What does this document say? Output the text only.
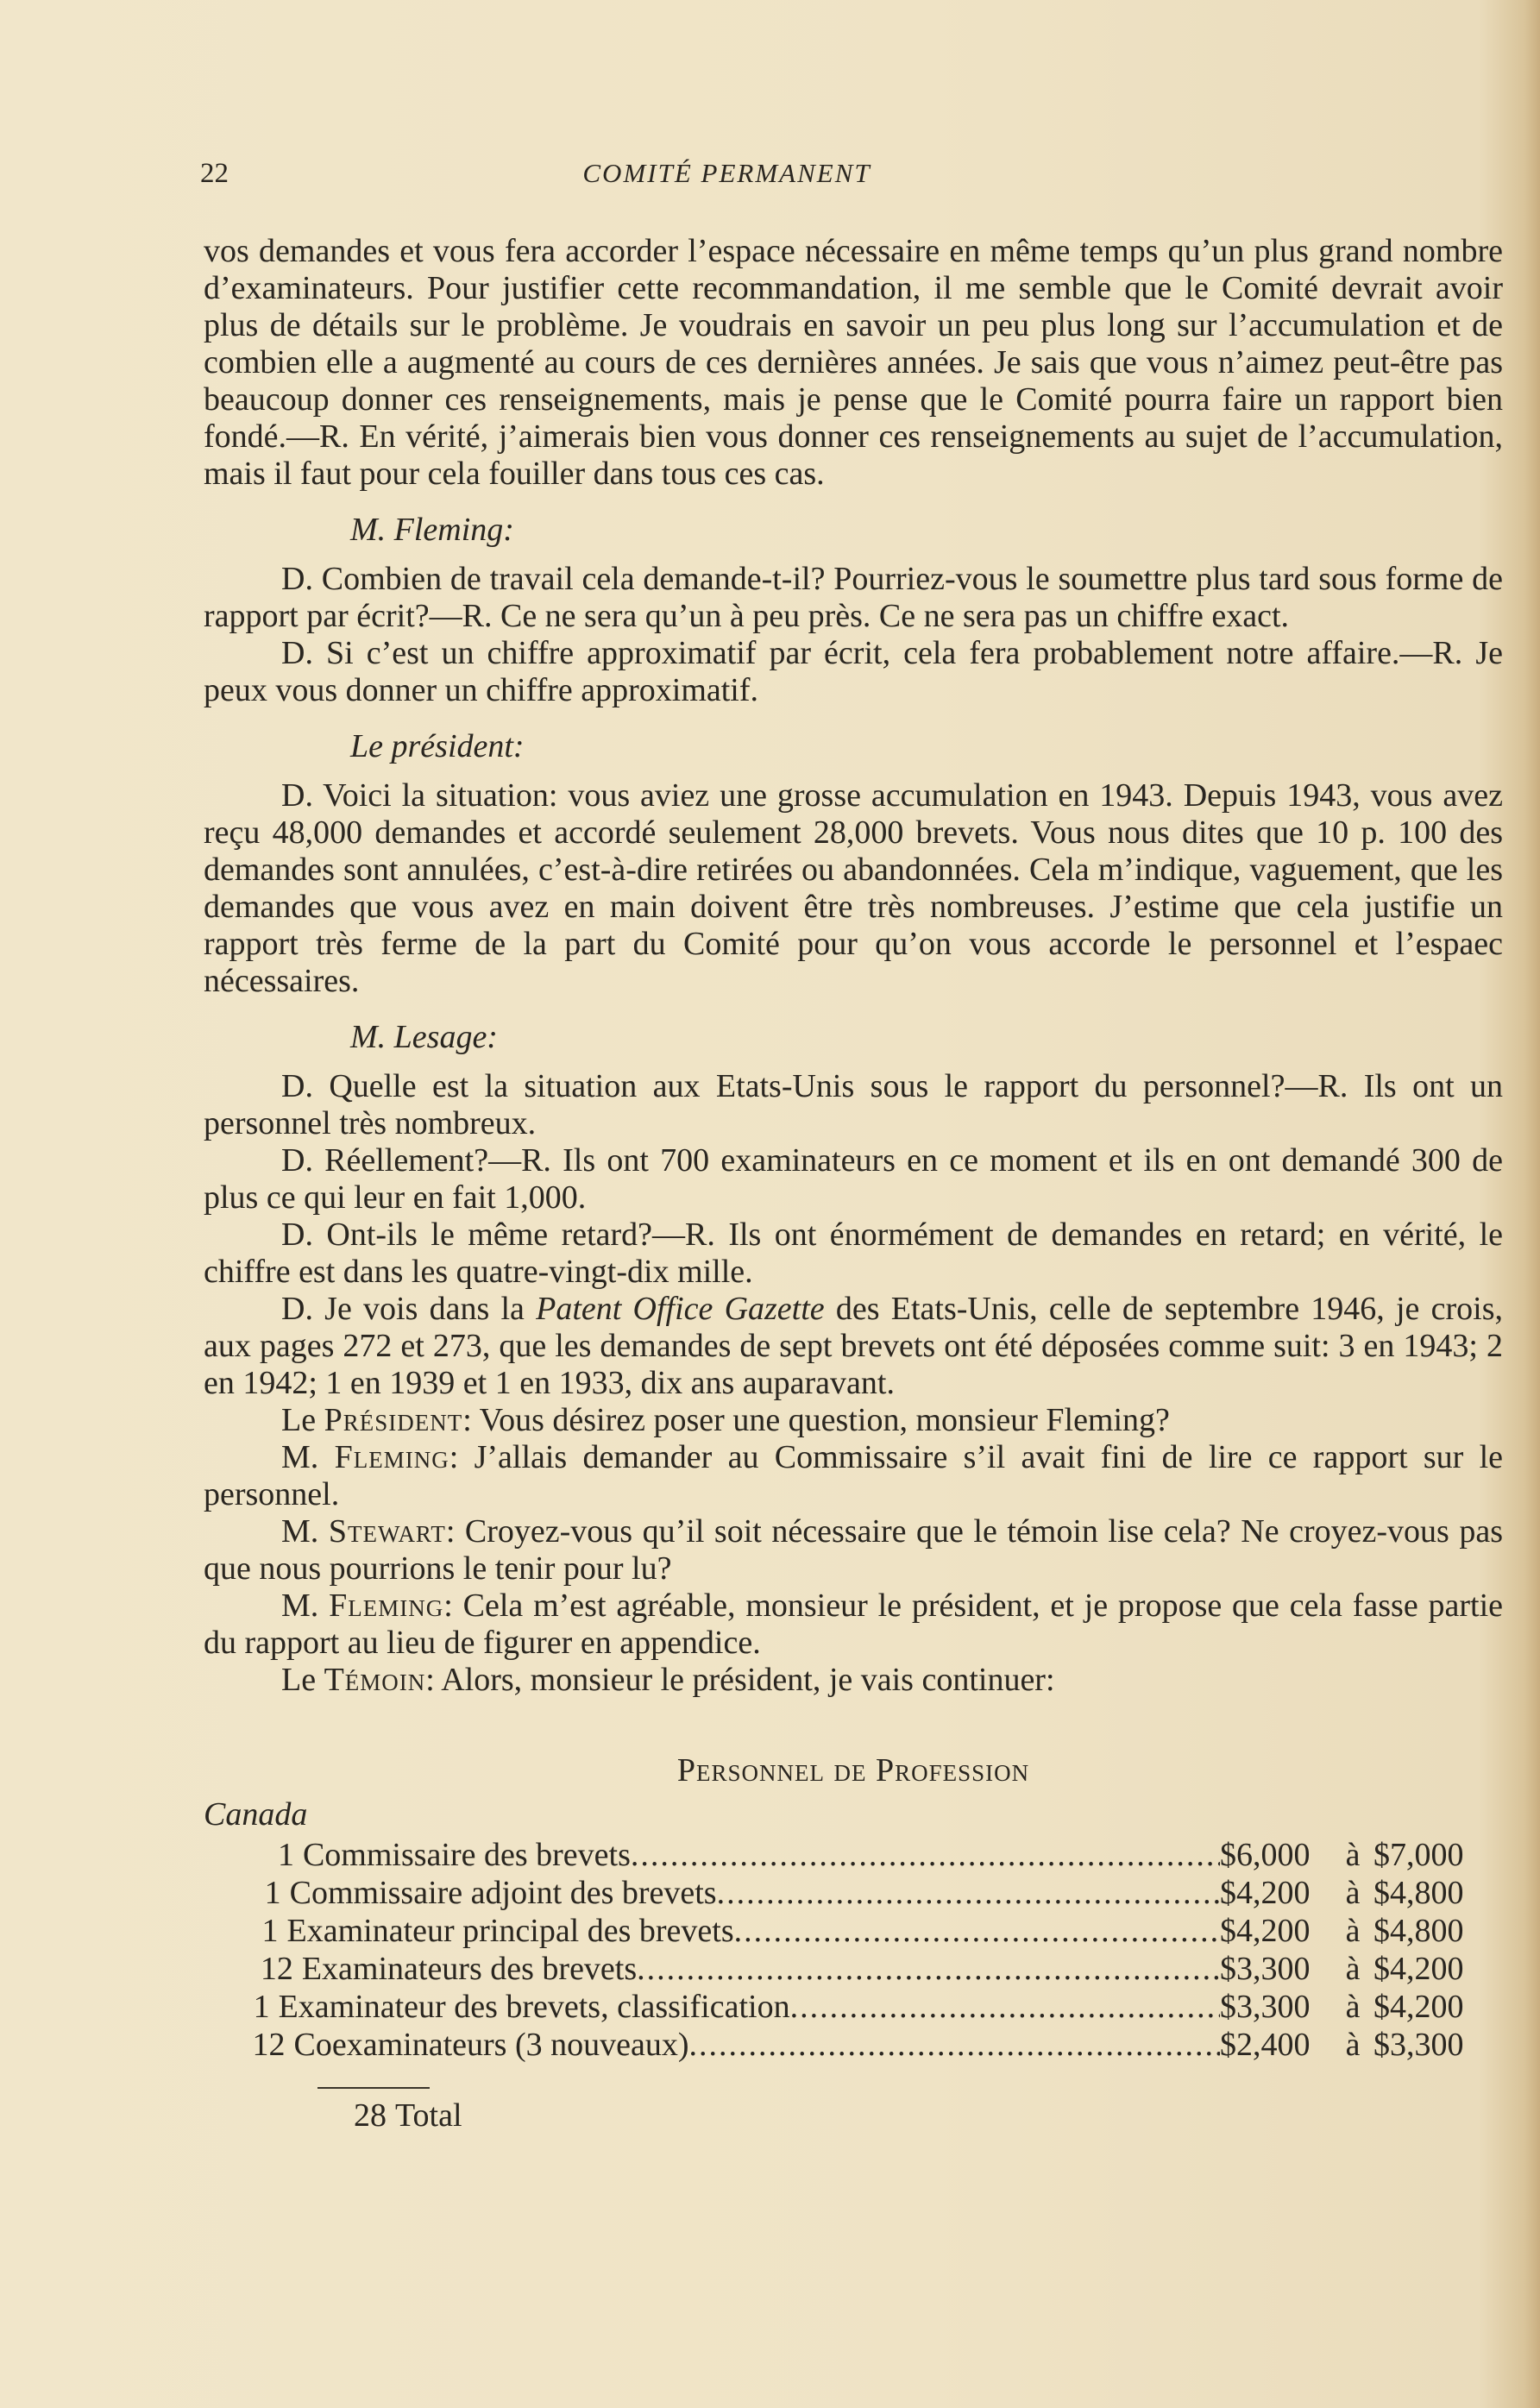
22	COMITÉ PERMANENT

vos demandes et vous fera accorder l’espace nécessaire en même temps qu’un plus grand nombre d’examinateurs. Pour justifier cette recommandation, il me semble que le Comité devrait avoir plus de détails sur le problème. Je voudrais en savoir un peu plus long sur l’accumulation et de combien elle a augmenté au cours de ces dernières années. Je sais que vous n’aimez peut-être pas beaucoup donner ces renseignements, mais je pense que le Comité pourra faire un rapport bien fondé.—R. En vérité, j’aimerais bien vous donner ces renseignements au sujet de l’accumulation, mais il faut pour cela fouiller dans tous ces cas.

M. Fleming:

D. Combien de travail cela demande-t-il? Pourriez-vous le soumettre plus tard sous forme de rapport par écrit?—R. Ce ne sera qu’un à peu près. Ce ne sera pas un chiffre exact.

D. Si c’est un chiffre approximatif par écrit, cela fera probablement notre affaire.—R. Je peux vous donner un chiffre approximatif.

Le président:

D. Voici la situation: vous aviez une grosse accumulation en 1943. Depuis 1943, vous avez reçu 48,000 demandes et accordé seulement 28,000 brevets. Vous nous dites que 10 p. 100 des demandes sont annulées, c’est-à-dire retirées ou abandonnées. Cela m’indique, vaguement, que les demandes que vous avez en main doivent être très nombreuses. J’estime que cela justifie un rapport très ferme de la part du Comité pour qu’on vous accorde le personnel et l’espaec nécessaires.

M. Lesage:

D. Quelle est la situation aux Etats-Unis sous le rapport du personnel?—R. Ils ont un personnel très nombreux.

D. Réellement?—R. Ils ont 700 examinateurs en ce moment et ils en ont demandé 300 de plus ce qui leur en fait 1,000.

D. Ont-ils le même retard?—R. Ils ont énormément de demandes en retard; en vérité, le chiffre est dans les quatre-vingt-dix mille.

D. Je vois dans la Patent Office Gazette des Etats-Unis, celle de septembre 1946, je crois, aux pages 272 et 273, que les demandes de sept brevets ont été déposées comme suit: 3 en 1943; 2 en 1942; 1 en 1939 et 1 en 1933, dix ans auparavant.

Le Président: Vous désirez poser une question, monsieur Fleming?

M. Fleming: J’allais demander au Commissaire s’il avait fini de lire ce rapport sur le personnel.

M. Stewart: Croyez-vous qu’il soit nécessaire que le témoin lise cela? Ne croyez-vous pas que nous pourrions le tenir pour lu?

M. Fleming: Cela m’est agréable, monsieur le président, et je propose que cela fasse partie du rapport au lieu de figurer en appendice.

Le Témoin: Alors, monsieur le président, je vais continuer:

Personnel de Profession

Canada

1 Commissaire des brevets .....	$6,000	à $7,000
1 Commissaire adjoint des brevets .....	$4,200	à $4,800
1 Examinateur principal des brevets .....	$4,200	à $4,800
12 Examinateurs des brevets .....	$3,300	à $4,200
1 Examinateur des brevets, classification .....	$3,300	à $4,200
12 Coexaminateurs (3 nouveaux) .....	$2,400	à $3,300
28 Total
